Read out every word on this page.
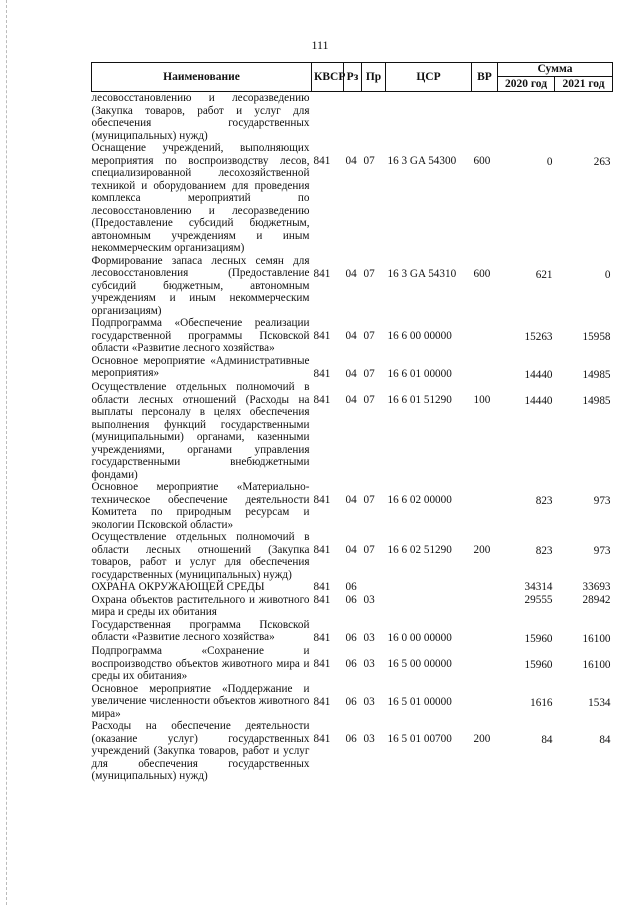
111
Наименование	КВСР	Рз	Пр	ЦСР	ВР	Сумма	
						2020 год	2021 год
лесовосстановлению и лесоразведению (Закупка товаров, работ и услуг для обеспечения государственных (муниципальных) нужд)							
Оснащение учреждений, выполняющих мероприятия по воспроизводству лесов, специализированной лесохозяйственной техникой и оборудованием для проведения комплекса мероприятий по лесовосстановлению и лесоразведению (Предоставление субсидий бюджетным, автономным учреждениям и иным некоммерческим организациям)	841	04	07	16 3 GA 54300	600	0	263
Формирование запаса лесных семян для лесовосстановления (Предоставление субсидий бюджетным, автономным учреждениям и иным некоммерческим организациям)	841	04	07	16 3 GA 54310	600	621	0
Подпрограмма «Обеспечение реализации государственной программы Псковской области «Развитие лесного хозяйства»	841	04	07	16 6 00 00000		15263	15958
Основное мероприятие «Административные мероприятия»	841	04	07	16 6 01 00000		14440	14985
Осуществление отдельных полномочий в области лесных отношений (Расходы на выплаты персоналу в целях обеспечения выполнения функций государственными (муниципальными) органами, казенными учреждениями, органами управления государственными внебюджетными фондами)	841	04	07	16 6 01 51290	100	14440	14985
Основное мероприятие «Материально-техническое обеспечение деятельности Комитета по природным ресурсам и экологии Псковской области»	841	04	07	16 6 02 00000		823	973
Осуществление отдельных полномочий в области лесных отношений (Закупка товаров, работ и услуг для обеспечения государственных (муниципальных) нужд)	841	04	07	16 6 02 51290	200	823	973
ОХРАНА ОКРУЖАЮЩЕЙ СРЕДЫ	841	06				34314	33693
Охрана объектов растительного и животного мира и среды их обитания	841	06	03			29555	28942
Государственная программа Псковской области «Развитие лесного хозяйства»	841	06	03	16 0 00 00000		15960	16100
Подпрограмма «Сохранение и воспроизводство объектов животного мира и среды их обитания»	841	06	03	16 5 00 00000		15960	16100
Основное мероприятие «Поддержание и увеличение численности объектов животного мира»	841	06	03	16 5 01 00000		1616	1534
Расходы на обеспечение деятельности (оказание услуг) государственных учреждений (Закупка товаров, работ и услуг для обеспечения государственных (муниципальных) нужд)	841	06	03	16 5 01 00700	200	84	84
